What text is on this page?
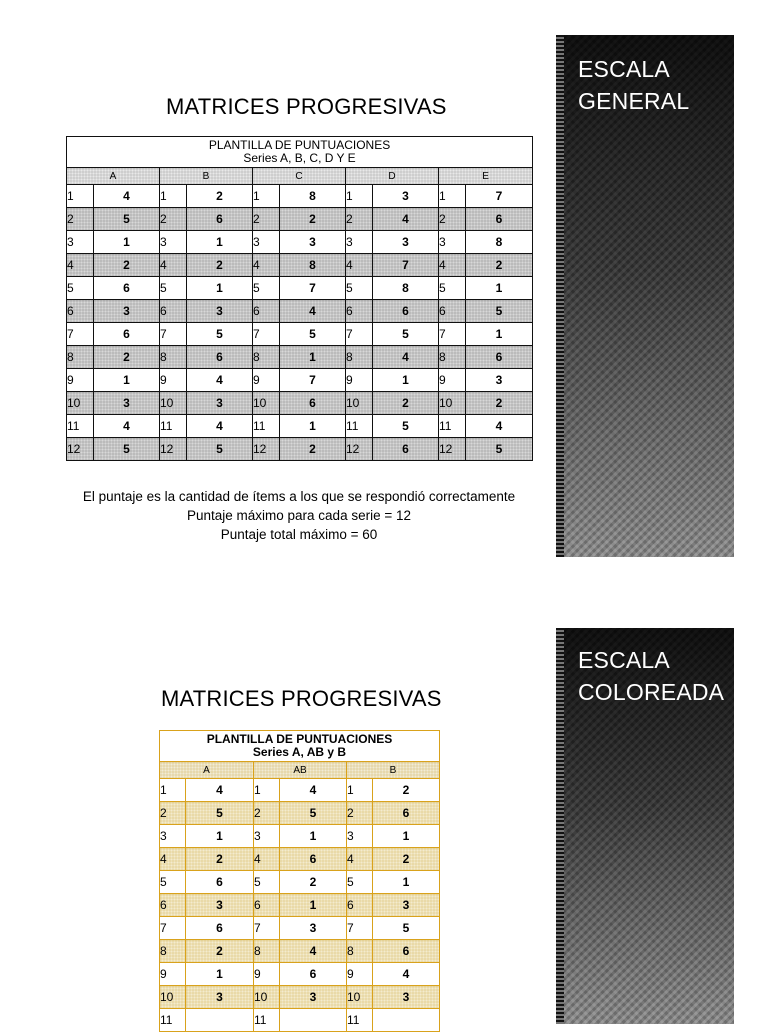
MATRICES PROGRESIVAS
PLANTILLA DE PUNTUACIONES
Series A, B, C, D Y E									

A		B		C		D		E	
1	4	1	2	1	8	1	3	1	7
2	5	2	6	2	2	2	4	2	6
3	1	3	1	3	3	3	3	3	8
4	2	4	2	4	8	4	7	4	2
5	6	5	1	5	7	5	8	5	1
6	3	6	3	6	4	6	6	6	5
7	6	7	5	7	5	7	5	7	1
8	2	8	6	8	1	8	4	8	6
9	1	9	4	9	7	9	1	9	3
10	3	10	3	10	6	10	2	10	2
11	4	11	4	11	1	11	5	11	4
12	5	12	5	12	2	12	6	12	5
El puntaje es la cantidad de ítems a los que se respondió correctamente
Puntaje máximo para cada serie = 12
Puntaje total máximo = 60
ESCALA
GENERAL
MATRICES PROGRESIVAS
PLANTILLA DE PUNTUACIONES
Series A, AB y B					

A		AB		B	
1	4	1	4	1	2
2	5	2	5	2	6
3	1	3	1	3	1
4	2	4	6	4	2
5	6	5	2	5	1
6	3	6	1	6	3
7	6	7	3	7	5
8	2	8	4	8	6
9	1	9	6	9	4
10	3	10	3	10	3
11		11		11	
ESCALA
COLOREADA
